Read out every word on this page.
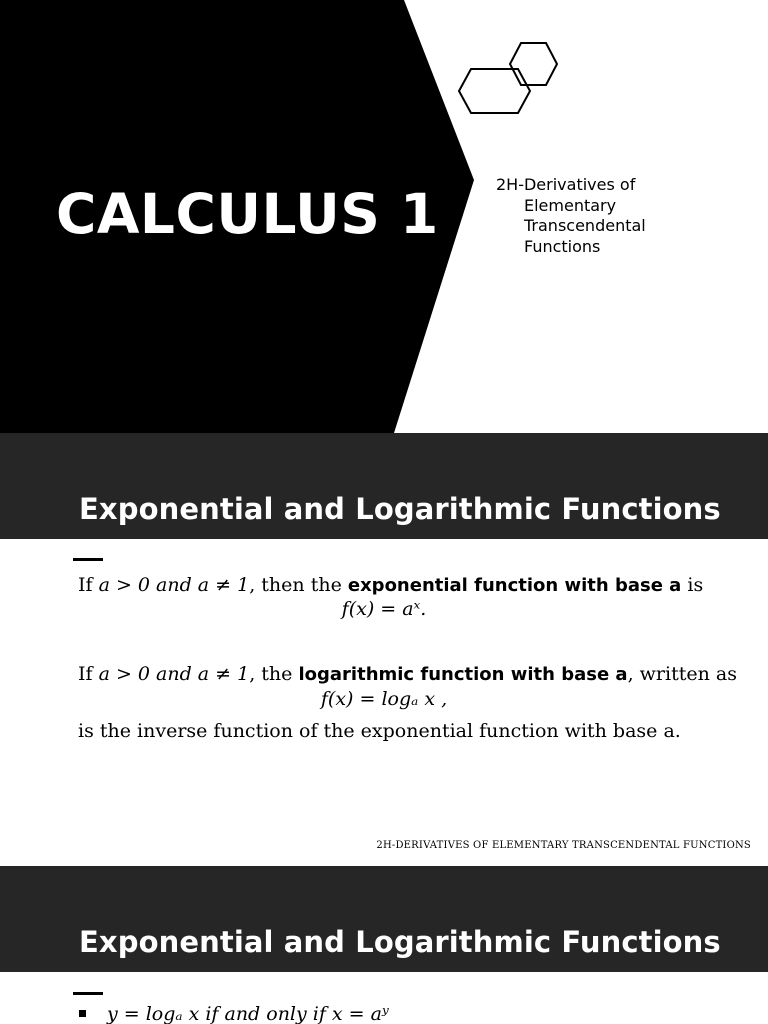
CALCULUS 1	2H-Derivatives of
Elementary
Transcendental
Functions
Exponential and Logarithmic Functions
If a > 0 and a ≠ 1, then the exponential function with base a is
f(x) = aˣ.
If a > 0 and a ≠ 1, the logarithmic function with base a, written as
f(x) = logₐ x ,
is the inverse function of the exponential function with base a.
2H-DERIVATIVES OF ELEMENTARY TRANSCENDENTAL FUNCTIONS
Exponential and Logarithmic Functions
y = logₐ x if and only if x = aʸ
